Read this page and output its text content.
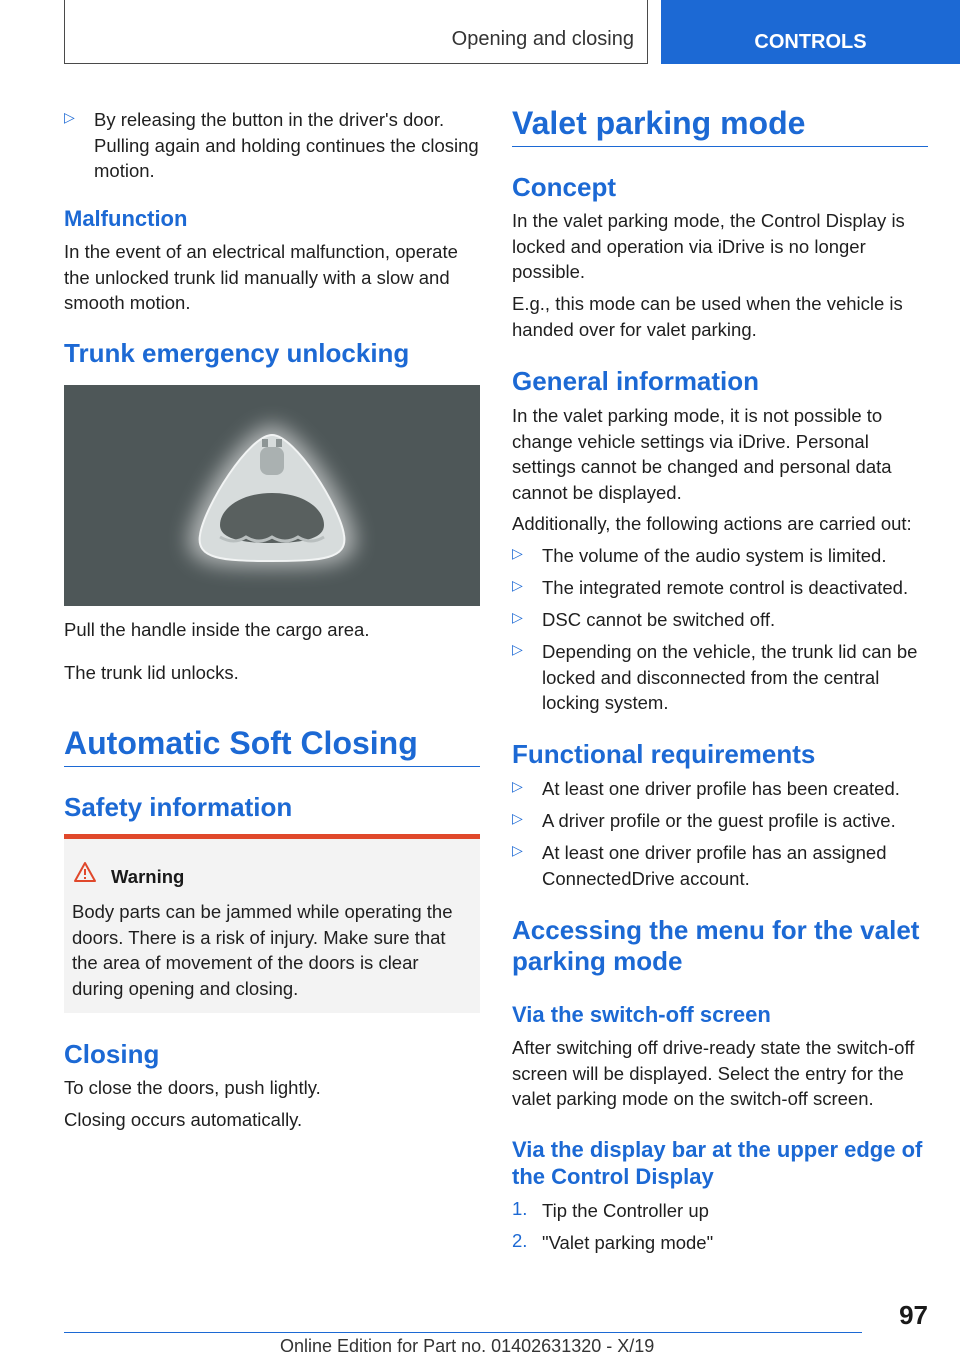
Opening and closing	CONTROLS
▷ By releasing the button in the driver's door. Pulling again and holding continues the closing motion.

Malfunction

In the event of an electrical malfunction, operate the unlocked trunk lid manually with a slow and smooth motion.

Trunk emergency unlocking

Pull the handle inside the cargo area.

The trunk lid unlocks.

Automatic Soft Closing
Safety information
Warning

Body parts can be jammed while operating the doors. There is a risk of injury. Make sure that the area of movement of the doors is clear during opening and closing.

Closing

To close the doors, push lightly.

Closing occurs automatically.

Valet parking mode
Concept

In the valet parking mode, the Control Display is locked and operation via iDrive is no longer possible.

E.g., this mode can be used when the vehicle is handed over for valet parking.

General information

In the valet parking mode, it is not possible to change vehicle settings via iDrive. Personal settings cannot be changed and personal data cannot be displayed.

Additionally, the following actions are carried out:

▷ The volume of the audio system is limited.

▷ The integrated remote control is deactivated.

▷ DSC cannot be switched off.

▷ Depending on the vehicle, the trunk lid can be locked and disconnected from the central locking system.

Functional requirements
▷ At least one driver profile has been created.

▷ A driver profile or the guest profile is active.

▷ At least one driver profile has an assigned ConnectedDrive account.

Accessing the menu for the valet parking mode
Via the switch-off screen

After switching off drive-ready state the switch-off screen will be displayed. Select the entry for the valet parking mode on the switch-off screen.

Via the display bar at the upper edge of the Control Display
1. Tip the Controller up

2. "Valet parking mode"

97
Online Edition for Part no. 01402631320 - X/19
